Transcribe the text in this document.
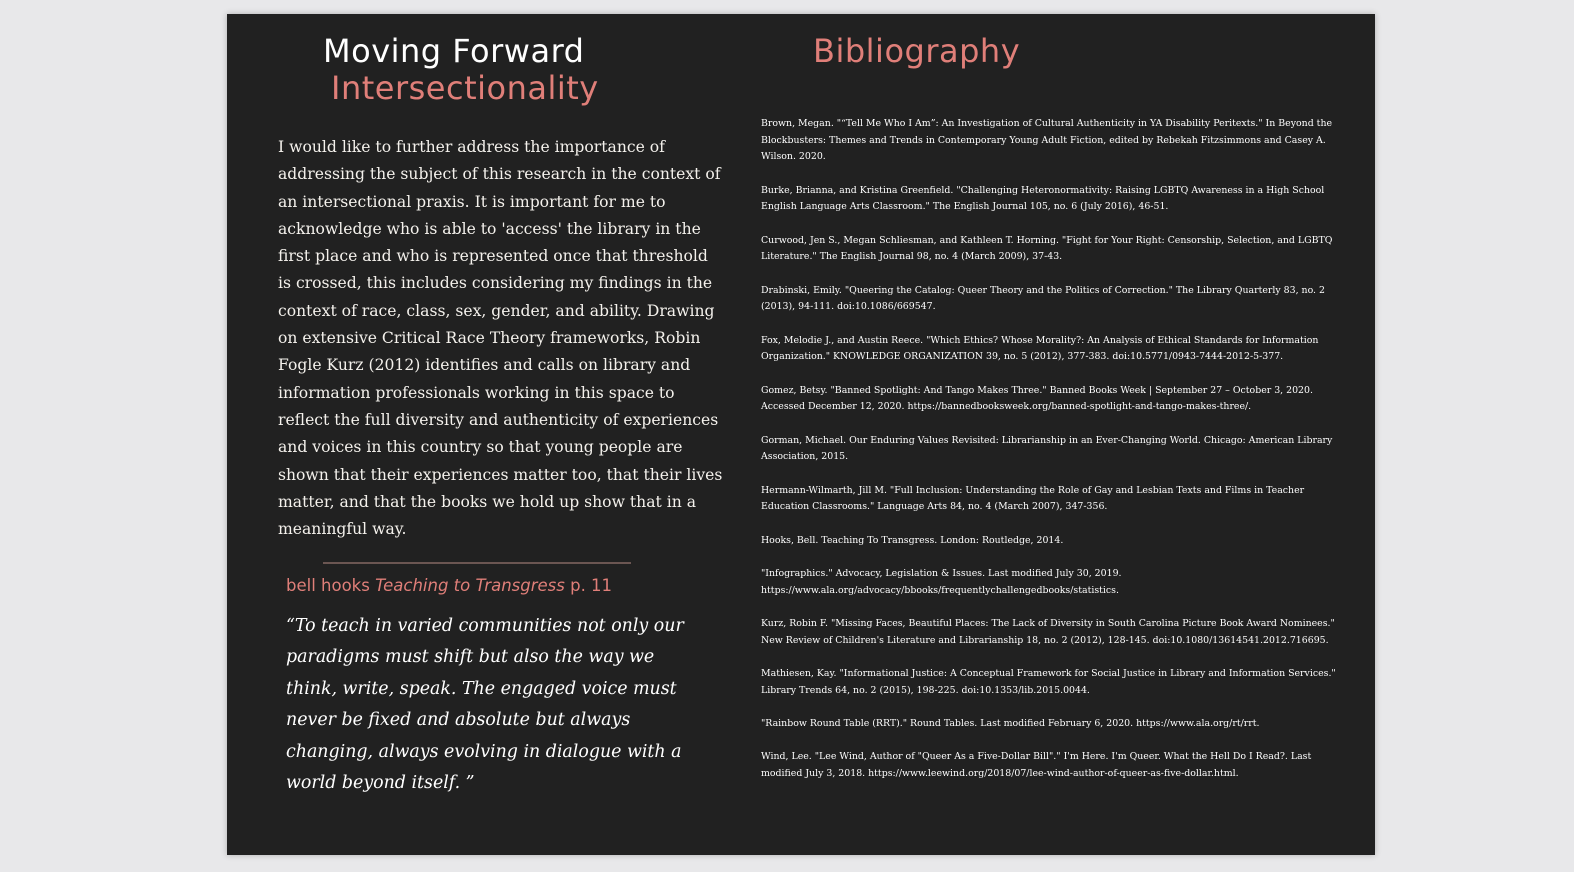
Moving Forward
Intersectionality

I would like to further address the importance of addressing the subject of this research in the context of an intersectional praxis. It is important for me to acknowledge who is able to 'access' the library in the first place and who is represented once that threshold is crossed, this includes considering my findings in the context of race, class, sex, gender, and ability. Drawing on extensive Critical Race Theory frameworks, Robin Fogle Kurz (2012) identifies and calls on library and information professionals working in this space to reflect the full diversity and authenticity of experiences and voices in this country so that young people are shown that their experiences matter too, that their lives matter, and that the books we hold up show that in a meaningful way.

bell hooks Teaching to Transgress p. 11

“To teach in varied communities not only our paradigms must shift but also the way we think, write, speak. The engaged voice must never be fixed and absolute but always changing, always evolving in dialogue with a world beyond itself. ”

Bibliography
Brown, Megan. "“Tell Me Who I Am”: An Investigation of Cultural Authenticity in YA Disability Peritexts." In Beyond the Blockbusters: Themes and Trends in Contemporary Young Adult Fiction, edited by Rebekah Fitzsimmons and Casey A. Wilson. 2020.
Burke, Brianna, and Kristina Greenfield. "Challenging Heteronormativity: Raising LGBTQ Awareness in a High School English Language Arts Classroom." The English Journal 105, no. 6 (July 2016), 46-51.
Curwood, Jen S., Megan Schliesman, and Kathleen T. Horning. "Fight for Your Right: Censorship, Selection, and LGBTQ Literature." The English Journal 98, no. 4 (March 2009), 37-43.
Drabinski, Emily. "Queering the Catalog: Queer Theory and the Politics of Correction." The Library Quarterly 83, no. 2 (2013), 94-111. doi:10.1086/669547.
Fox, Melodie J., and Austin Reece. "Which Ethics? Whose Morality?: An Analysis of Ethical Standards for Information Organization." KNOWLEDGE ORGANIZATION 39, no. 5 (2012), 377-383. doi:10.5771/0943-7444-2012-5-377.
Gomez, Betsy. "Banned Spotlight: And Tango Makes Three." Banned Books Week | September 27 – October 3, 2020. Accessed December 12, 2020. https://bannedbooksweek.org/banned-spotlight-and-tango-makes-three/.
Gorman, Michael. Our Enduring Values Revisited: Librarianship in an Ever-Changing World. Chicago: American Library Association, 2015.
Hermann-Wilmarth, Jill M. "Full Inclusion: Understanding the Role of Gay and Lesbian Texts and Films in Teacher Education Classrooms." Language Arts 84, no. 4 (March 2007), 347-356.
Hooks, Bell. Teaching To Transgress. London: Routledge, 2014.
"Infographics." Advocacy, Legislation & Issues. Last modified July 30, 2019. https://www.ala.org/advocacy/bbooks/frequentlychallengedbooks/statistics.
Kurz, Robin F. "Missing Faces, Beautiful Places: The Lack of Diversity in South Carolina Picture Book Award Nominees." New Review of Children's Literature and Librarianship 18, no. 2 (2012), 128-145. doi:10.1080/13614541.2012.716695.
Mathiesen, Kay. "Informational Justice: A Conceptual Framework for Social Justice in Library and Information Services." Library Trends 64, no. 2 (2015), 198-225. doi:10.1353/lib.2015.0044.
"Rainbow Round Table (RRT)." Round Tables. Last modified February 6, 2020. https://www.ala.org/rt/rrt.
Wind, Lee. "Lee Wind, Author of "Queer As a Five-Dollar Bill"." I'm Here. I'm Queer. What the Hell Do I Read?. Last modified July 3, 2018. https://www.leewind.org/2018/07/lee-wind-author-of-queer-as-five-dollar.html.
